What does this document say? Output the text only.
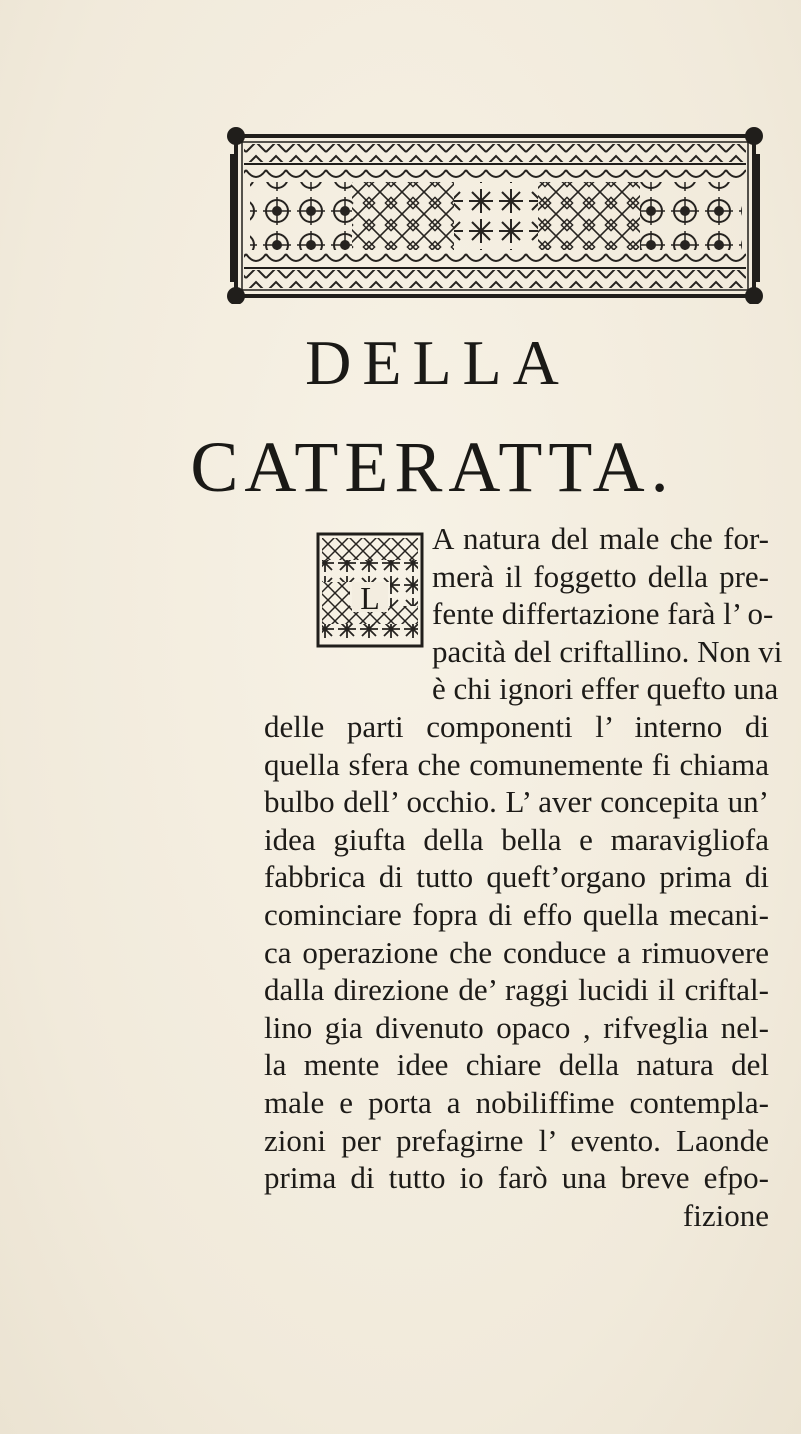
DELLA
CATERATTA.
L
A natura del male che for-
merà il foggetto della pre-
fente differtazione farà l’ o-
pacità del criftallino. Non vi
è chi ignori effer quefto una
delle parti componenti l’ interno di
quella sfera che comunemente fi chiama
bulbo dell’ occhio. L’ aver concepita un’
idea giufta della bella e maravigliofa
fabbrica di tutto queft’organo prima di
cominciare fopra di effo quella mecani-
ca operazione che conduce a rimuovere
dalla direzione de’ raggi lucidi il criftal-
lino gia divenuto opaco , rifveglia nel-
la mente idee chiare della natura del
male e porta a nobiliffime contempla-
zioni per prefagirne l’ evento. Laonde
prima di tutto io farò una breve efpo-
fizione
